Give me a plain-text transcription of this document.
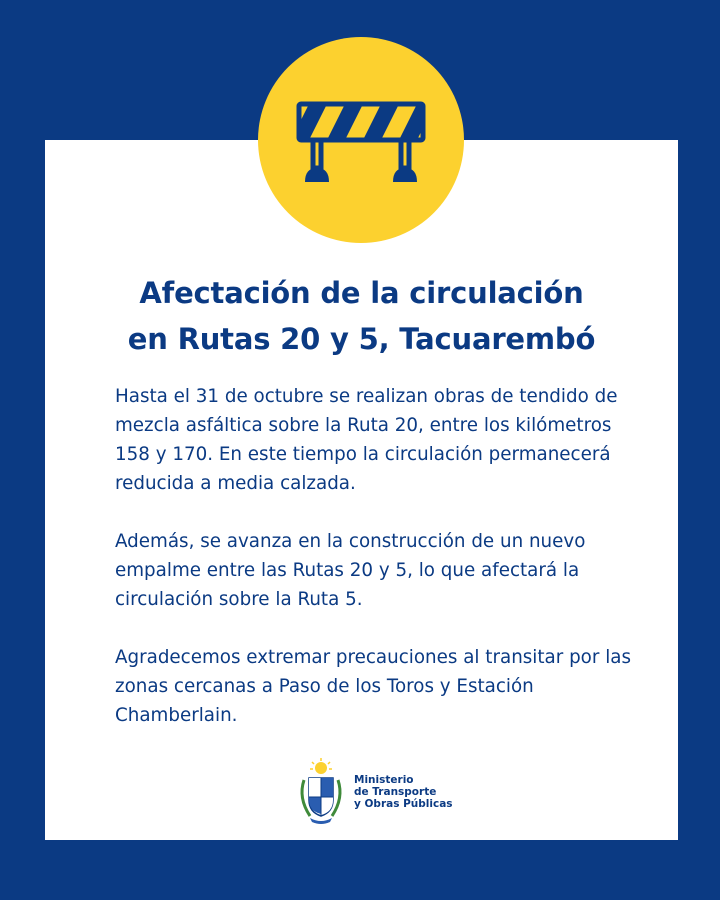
Afectación de la circulación
en Rutas 20 y 5, Tacuarembó

Hasta el 31 de octubre se realizan obras de tendido de mezcla asfáltica sobre la Ruta 20, entre los kilómetros 158 y 170. En este tiempo la circulación permanecerá reducida a media calzada.

Además, se avanza en la construcción de un nuevo empalme entre las Rutas 20 y 5, lo que afectará la circulación sobre la Ruta 5.

Agradecemos extremar precauciones al transitar por las zonas cercanas a Paso de los Toros y Estación Chamberlain.

Ministerio
de Transporte
y Obras Públicas
